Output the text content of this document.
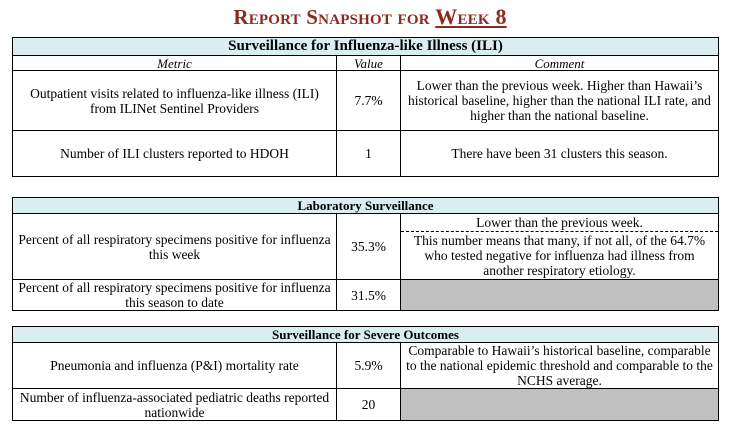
Report Snapshot for Week 8
Surveillance for Influenza-like Illness (ILI)		
Metric	Value	Comment
Outpatient visits related to influenza-like illness (ILI) from ILINet Sentinel Providers	7.7%	Lower than the previous week. Higher than Hawaii’s historical baseline, higher than the national ILI rate, and higher than the national baseline.
Number of ILI clusters reported to HDOH	1	There have been 31 clusters this season.
Laboratory Surveillance		
Percent of all respiratory specimens positive for influenza this week	35.3%	Lower than the previous week.
This number means that many, if not all, of the 64.7% who tested negative for influenza had illness from another respiratory etiology.

Percent of all respiratory specimens positive for influenza this season to date	31.5%	
Surveillance for Severe Outcomes		
Pneumonia and influenza (P&I) mortality rate	5.9%	Comparable to Hawaii’s historical baseline, comparable to the national epidemic threshold and comparable to the NCHS average.
Number of influenza-associated pediatric deaths reported nationwide	20	
